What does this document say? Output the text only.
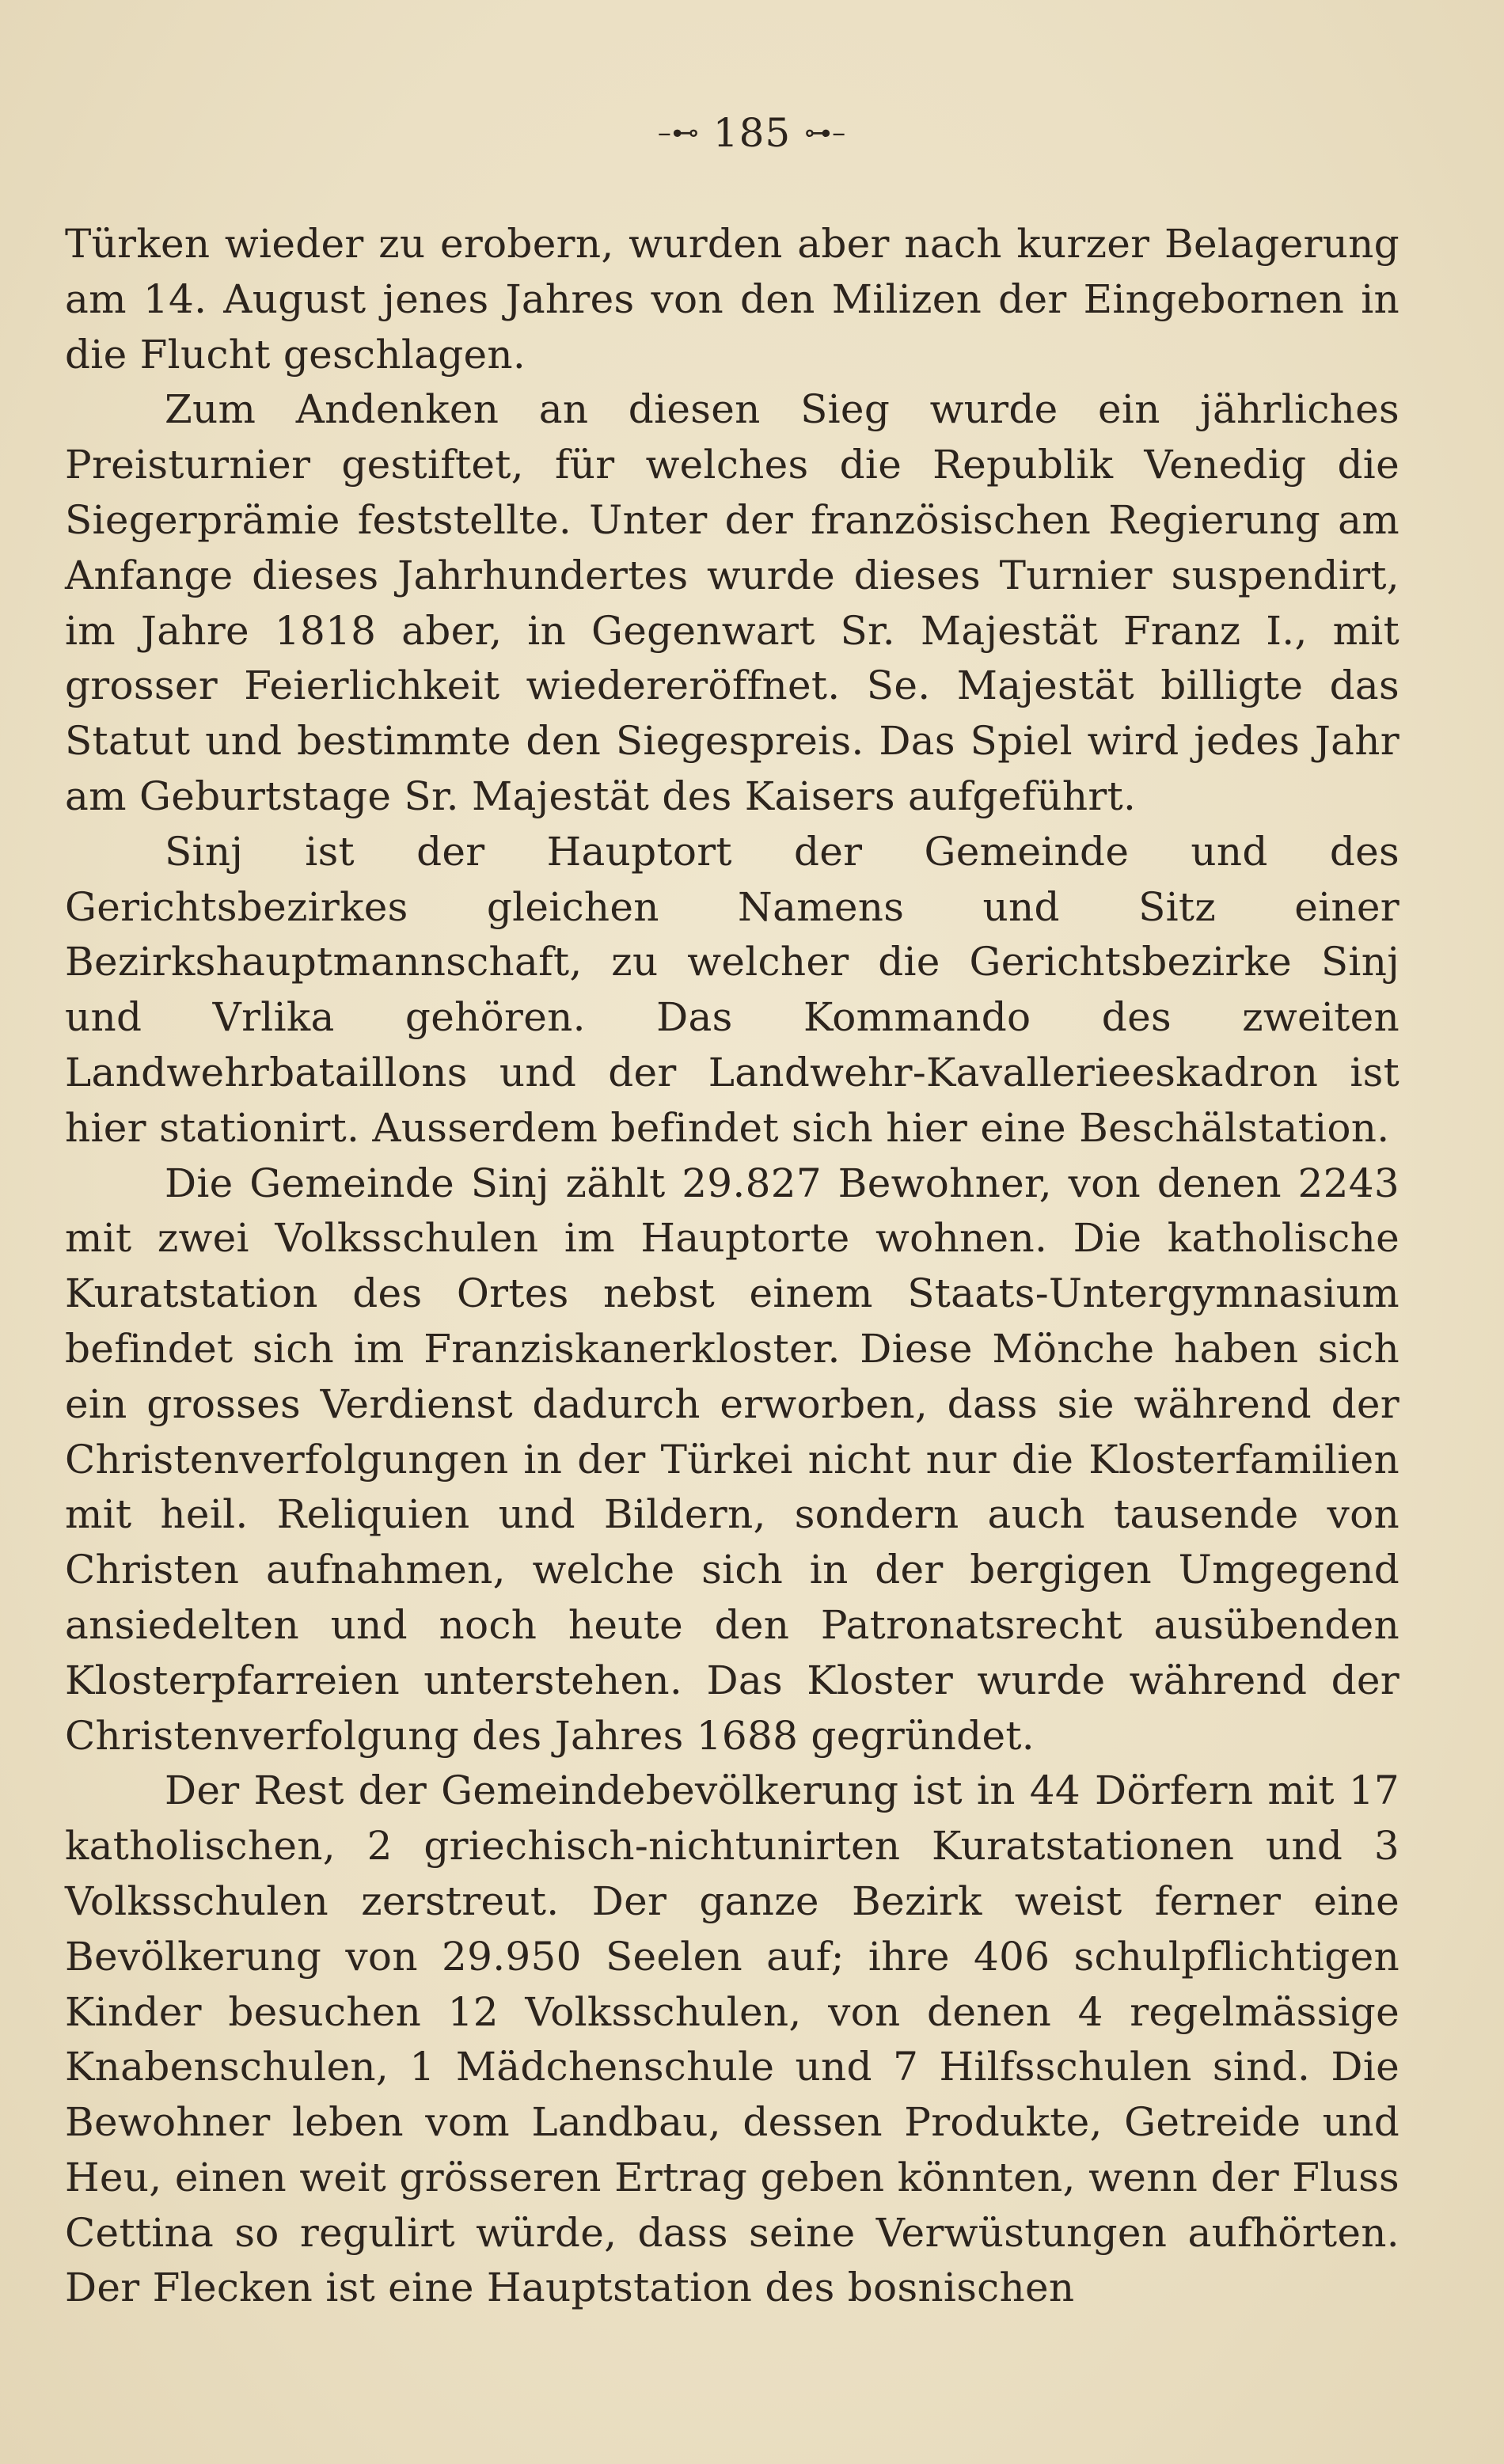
–⊷ 185 ⊶–

Türken wieder zu erobern, wurden aber nach kurzer Belagerung am 14. August jenes Jahres von den Milizen der Eingebornen in die Flucht geschlagen.

Zum Andenken an diesen Sieg wurde ein jährliches Preisturnier gestiftet, für welches die Republik Venedig die Siegerprämie feststellte. Unter der französischen Regierung am Anfange dieses Jahrhundertes wurde dieses Turnier suspendirt, im Jahre 1818 aber, in Gegenwart Sr. Majestät Franz I., mit grosser Feierlichkeit wiedereröffnet. Se. Majestät billigte das Statut und bestimmte den Siegespreis. Das Spiel wird jedes Jahr am Geburtstage Sr. Majestät des Kaisers aufgeführt.

Sinj ist der Hauptort der Gemeinde und des Gerichtsbezirkes gleichen Namens und Sitz einer Bezirkshauptmannschaft, zu welcher die Gerichtsbezirke Sinj und Vrlika gehören. Das Kommando des zweiten Landwehrbataillons und der Landwehr-Kavallerieeskadron ist hier stationirt. Ausserdem befindet sich hier eine Beschälstation.

Die Gemeinde Sinj zählt 29.827 Bewohner, von denen 2243 mit zwei Volksschulen im Hauptorte wohnen. Die katholische Kuratstation des Ortes nebst einem Staats-Untergymnasium befindet sich im Franziskanerkloster. Diese Mönche haben sich ein grosses Verdienst dadurch erworben, dass sie während der Christenverfolgungen in der Türkei nicht nur die Klosterfamilien mit heil. Reliquien und Bildern, sondern auch tausende von Christen aufnahmen, welche sich in der bergigen Umgegend ansiedelten und noch heute den Patronatsrecht ausübenden Klosterpfarreien unterstehen. Das Kloster wurde während der Christenverfolgung des Jahres 1688 gegründet.

Der Rest der Gemeindebevölkerung ist in 44 Dörfern mit 17 katholischen, 2 griechisch-nichtunirten Kuratstationen und 3 Volksschulen zerstreut. Der ganze Bezirk weist ferner eine Bevölkerung von 29.950 Seelen auf; ihre 406 schulpflichtigen Kinder besuchen 12 Volksschulen, von denen 4 regelmässige Knabenschulen, 1 Mädchenschule und 7 Hilfsschulen sind. Die Bewohner leben vom Landbau, dessen Produkte, Getreide und Heu, einen weit grösseren Ertrag geben könnten, wenn der Fluss Cettina so regulirt würde, dass seine Verwüstungen aufhörten. Der Flecken ist eine Hauptstation des bosnischen
